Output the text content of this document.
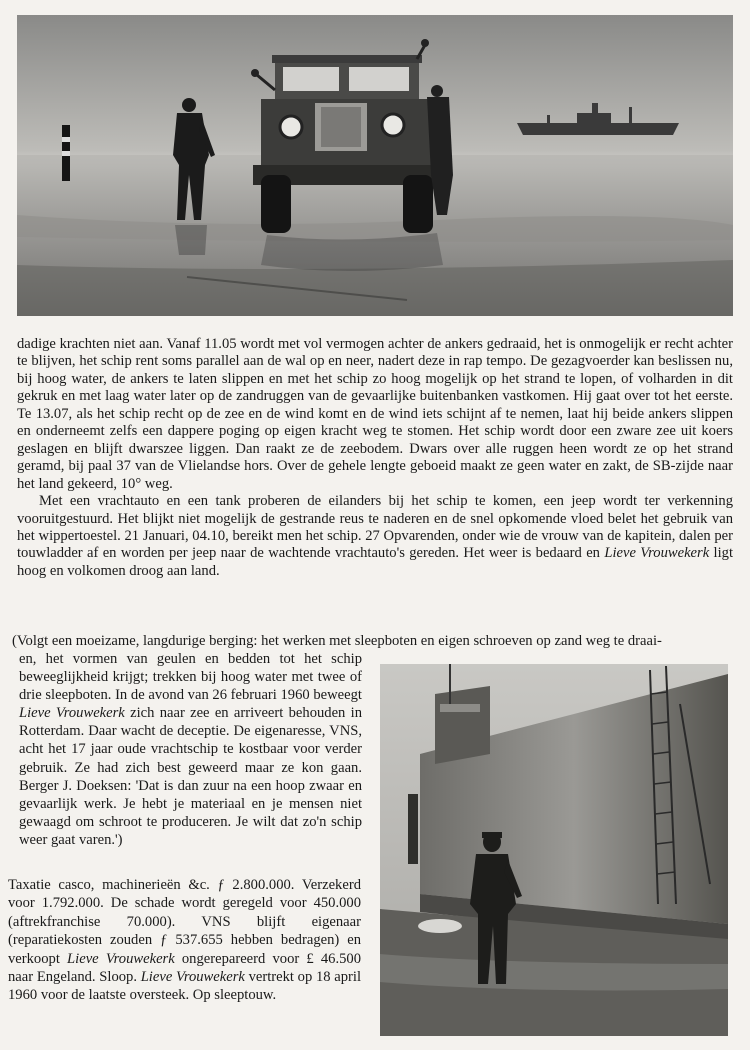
dadige krachten niet aan. Vanaf 11.05 wordt met vol vermogen achter de ankers gedraaid, het is onmogelijk er recht achter te blijven, het schip rent soms parallel aan de wal op en neer, nadert deze in rap tempo. De gezagvoerder kan beslissen nu, bij hoog water, de ankers te laten slippen en met het schip zo hoog mogelijk op het strand te lopen, of volharden in dit gekruk en met laag water later op de zandruggen van de gevaarlijke buitenbanken vastkomen. Hij gaat over tot het eerste. Te 13.07, als het schip recht op de zee en de wind komt en de wind iets schijnt af te nemen, laat hij beide ankers slippen en onderneemt zelfs een dappere poging op eigen kracht weg te stomen. Het schip wordt door een zware zee uit koers geslagen en blijft dwarszee liggen. Dan raakt ze de zeebodem. Dwars over alle ruggen heen wordt ze op het strand geramd, bij paal 37 van de Vlielandse hors. Over de gehele lengte geboeid maakt ze geen water en zakt, de SB-zijde naar het land gekeerd, 10° weg.

Met een vrachtauto en een tank proberen de eilanders bij het schip te komen, een jeep wordt ter verkenning vooruitgestuurd. Het blijkt niet mogelijk de gestrande reus te naderen en de snel opkomende vloed belet het gebruik van het wippertoestel. 21 Januari, 04.10, bereikt men het schip. 27 Opvarenden, onder wie de vrouw van de kapitein, dalen per touwladder af en worden per jeep naar de wachtende vrachtauto's gereden. Het weer is bedaard en Lieve Vrouwekerk ligt hoog en volkomen droog aan land.

(Volgt een moeizame, langdurige berging: het werken met sleepboten en eigen schroeven op zand weg te draai-
en, het vormen van geulen en bedden tot het schip beweeglijkheid krijgt; trekken bij hoog water met twee of drie sleepboten. In de avond van 26 februari 1960 beweegt Lieve Vrouwekerk zich naar zee en arriveert behouden in Rotterdam. Daar wacht de deceptie. De eigenaresse, VNS, acht het 17 jaar oude vrachtschip te kostbaar voor verder gebruik. Ze had zich best geweerd maar ze kon gaan. Berger J. Doeksen: 'Dat is dan zuur na een hoop zwaar en gevaarlijk werk. Je hebt je materiaal en je mensen niet gewaagd om schroot te produceren. Je wilt dat zo'n schip weer gaat varen.')
Taxatie casco, machinerieën &c. ƒ 2.800.000. Verzekerd voor 1.792.000. De schade wordt geregeld voor 450.000 (aftrekfranchise 70.000). VNS blijft eigenaar (reparatiekosten zouden ƒ 537.655 hebben bedragen) en verkoopt Lieve Vrouwekerk ongerepareerd voor £ 46.500 naar Engeland. Sloop. Lieve Vrouwekerk vertrekt op 18 april 1960 voor de laatste oversteek. Op sleeptouw.
